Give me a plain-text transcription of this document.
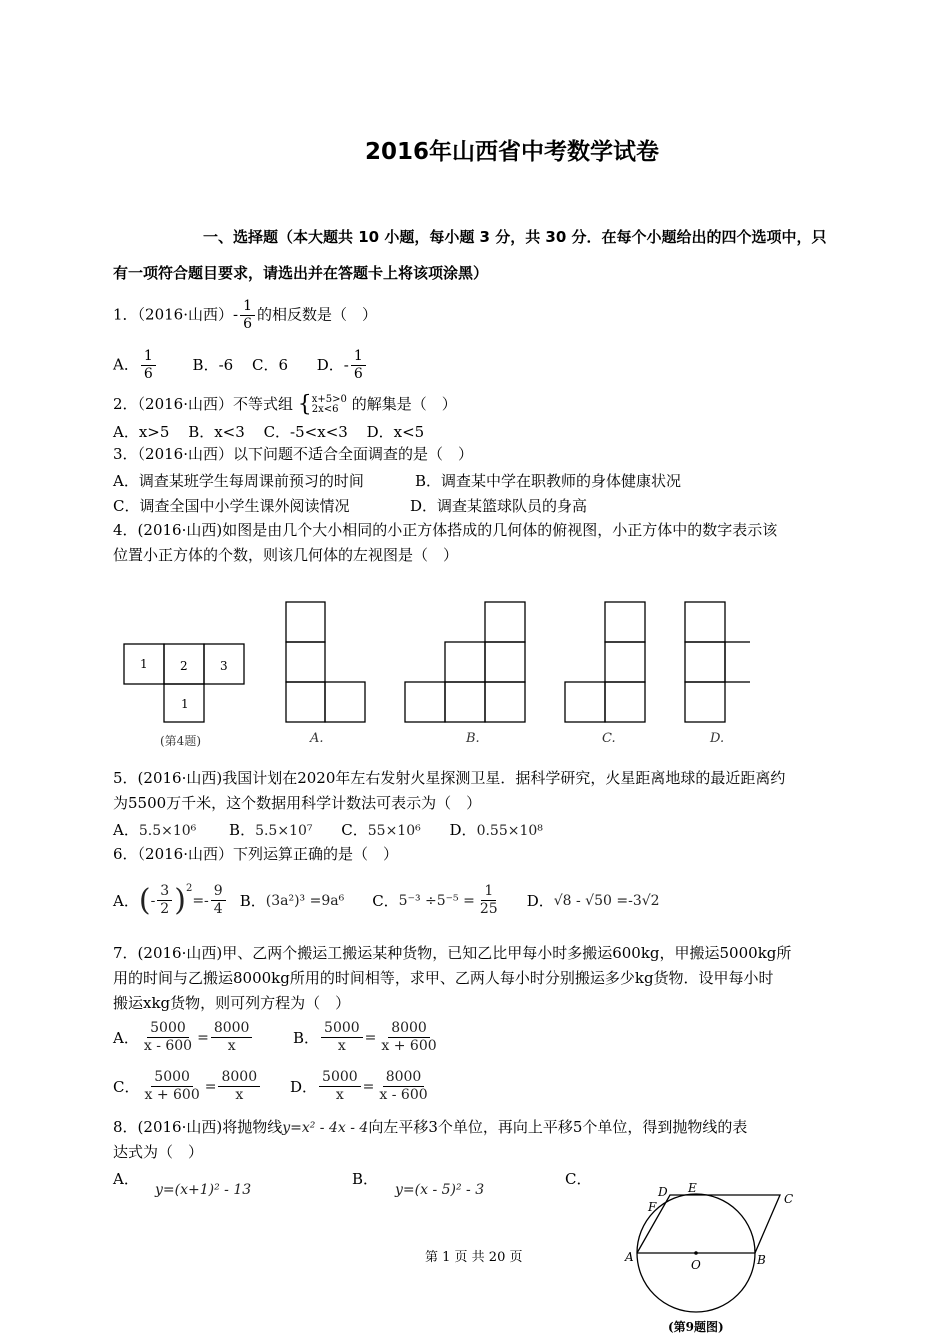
2016年山西省中考数学试卷
一、选择题（本大题共 10 小题，每小题 3 分，共 30 分．在每个小题给出的四个选项中，只
有一项符合题目要求，请选出并在答题卡上将该项涂黑）
1．（2016·山西）- $\frac{1}{6}$ 的相反数是（　）
A． $\frac{1}{6}$ B．-6 C．6 D．- $\frac{1}{6}$
2．（2016·山西）不等式组 { x+5>0
2x<6 的解集是（　）
A．x>5 B．x<3 C．-5<x<3 D．x<5
3．（2016·山西）以下问题不适合全面调查的是（　）
A．调查某班学生每周课前预习的时间	B．调查某中学在职教师的身体健康状况
C．调查全国中小学生课外阅读情况	D．调查某篮球队员的身高
4．(2016·山西)如图是由几个大小相同的小正方体搭成的几何体的俯视图，小正方体中的数字表示该
位置小正方体的个数，则该几何体的左视图是（　）
1	2	3
1
(第4题)	A.	B.	C.	D.
5．(2016·山西)我国计划在2020年左右发射火星探测卫星．据科学研究，火星距离地球的最近距离约
为5500万千米，这个数据用科学计数法可表示为（　）
A．5.5×10⁶ B．5.5×10⁷ C．55×10⁶ D．0.55×10⁸
6．（2016·山西）下列运算正确的是（　）
A． ( - $\frac{3}{2} )^2$
=- $\frac{9}{4}$ B． (3a²)³ =9a⁶ C． $5^{-3} \div 5^{-5} = \frac{1}{25}$ D． √8 - √50 =-3√2
7．(2016·山西)甲、乙两个搬运工搬运某种货物，已知乙比甲每小时多搬运600kg，甲搬运5000kg所
用的时间与乙搬运8000kg所用的时间相等，求甲、乙两人每小时分别搬运多少kg货物．设甲每小时
搬运xkg货物，则可列方程为（　）
A． $\frac{5000}{x - 600} = \frac{8000}{x}$	B． $\frac{5000}{x} = \frac{8000}{x + 600}$
C． $\frac{5000}{x + 600} = \frac{8000}{x}$ D． $\frac{5000}{x} = \frac{8000}{x - 600}$
8．(2016·山西)将抛物线y=x² - 4x - 4向左平移3个单位，再向上平移5个单位，得到抛物线的表
达式为（　）
A．
y=(x+1)² - 13
B．
y=(x - 5)² - 3
C．
D E
C
F
A
O	B
(第9题图)
第 1 页 共 20 页
